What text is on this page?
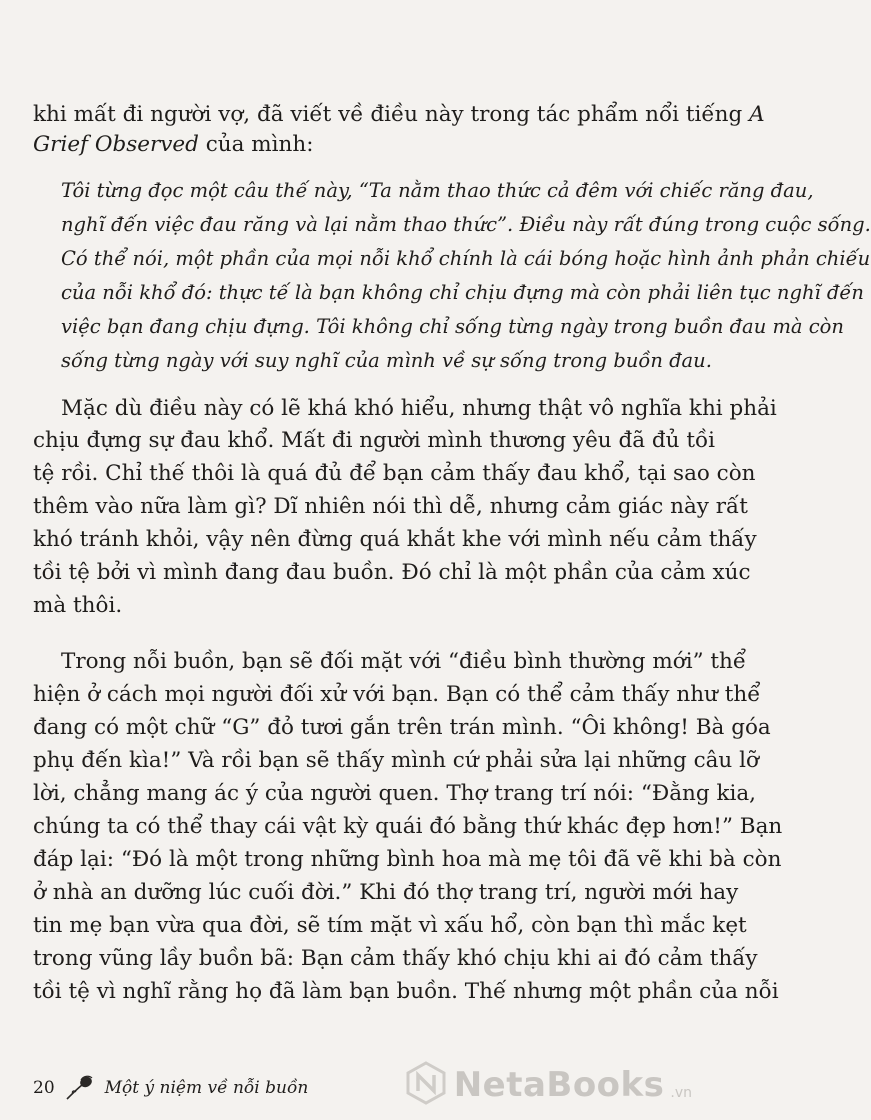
khi mất đi người vợ, đã viết về điều này trong tác phẩm nổi tiếng A
Grief Observed của mình:
Tôi từng đọc một câu thế này, “Ta nằm thao thức cả đêm với chiếc răng đau,
nghĩ đến việc đau răng và lại nằm thao thức”. Điều này rất đúng trong cuộc sống.
Có thể nói, một phần của mọi nỗi khổ chính là cái bóng hoặc hình ảnh phản chiếu
của nỗi khổ đó: thực tế là bạn không chỉ chịu đựng mà còn phải liên tục nghĩ đến
việc bạn đang chịu đựng. Tôi không chỉ sống từng ngày trong buồn đau mà còn
sống từng ngày với suy nghĩ của mình về sự sống trong buồn đau.
Mặc dù điều này có lẽ khá khó hiểu, nhưng thật vô nghĩa khi phải
chịu đựng sự đau khổ. Mất đi người mình thương yêu đã đủ tồi
tệ rồi. Chỉ thế thôi là quá đủ để bạn cảm thấy đau khổ, tại sao còn
thêm vào nữa làm gì? Dĩ nhiên nói thì dễ, nhưng cảm giác này rất
khó tránh khỏi, vậy nên đừng quá khắt khe với mình nếu cảm thấy
tồi tệ bởi vì mình đang đau buồn. Đó chỉ là một phần của cảm xúc
mà thôi.
Trong nỗi buồn, bạn sẽ đối mặt với “điều bình thường mới” thể
hiện ở cách mọi người đối xử với bạn. Bạn có thể cảm thấy như thể
đang có một chữ “G” đỏ tươi gắn trên trán mình. “Ôi không! Bà góa
phụ đến kìa!” Và rồi bạn sẽ thấy mình cứ phải sửa lại những câu lỡ
lời, chẳng mang ác ý của người quen. Thợ trang trí nói: “Đằng kia,
chúng ta có thể thay cái vật kỳ quái đó bằng thứ khác đẹp hơn!” Bạn
đáp lại: “Đó là một trong những bình hoa mà mẹ tôi đã vẽ khi bà còn
ở nhà an dưỡng lúc cuối đời.” Khi đó thợ trang trí, người mới hay
tin mẹ bạn vừa qua đời, sẽ tím mặt vì xấu hổ, còn bạn thì mắc kẹt
trong vũng lầy buồn bã: Bạn cảm thấy khó chịu khi ai đó cảm thấy
tồi tệ vì nghĩ rằng họ đã làm bạn buồn. Thế nhưng một phần của nỗi
20	Một ý niệm về nỗi buồn	NetaBooks .vn
